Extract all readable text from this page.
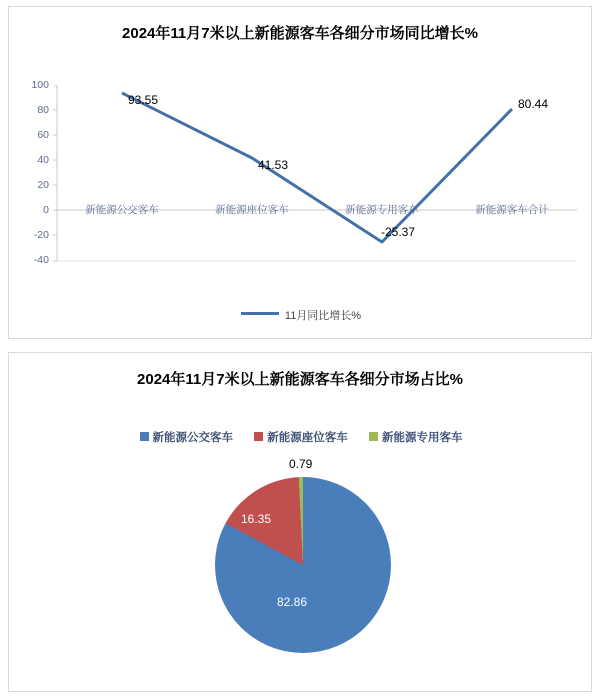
2024年11月7米以上新能源客车各细分市场同比增长%
100
80
60
40
20
0
-20
-40
新能源公交客车	新能源座位客车	新能源专用客车	新能源客车合计
93.55
41.53
-25.37
80.44
11月同比增长%
2024年11月7米以上新能源客车各细分市场占比%
新能源公交客车	新能源座位客车	新能源专用客车
82.86
16.35
0.79
